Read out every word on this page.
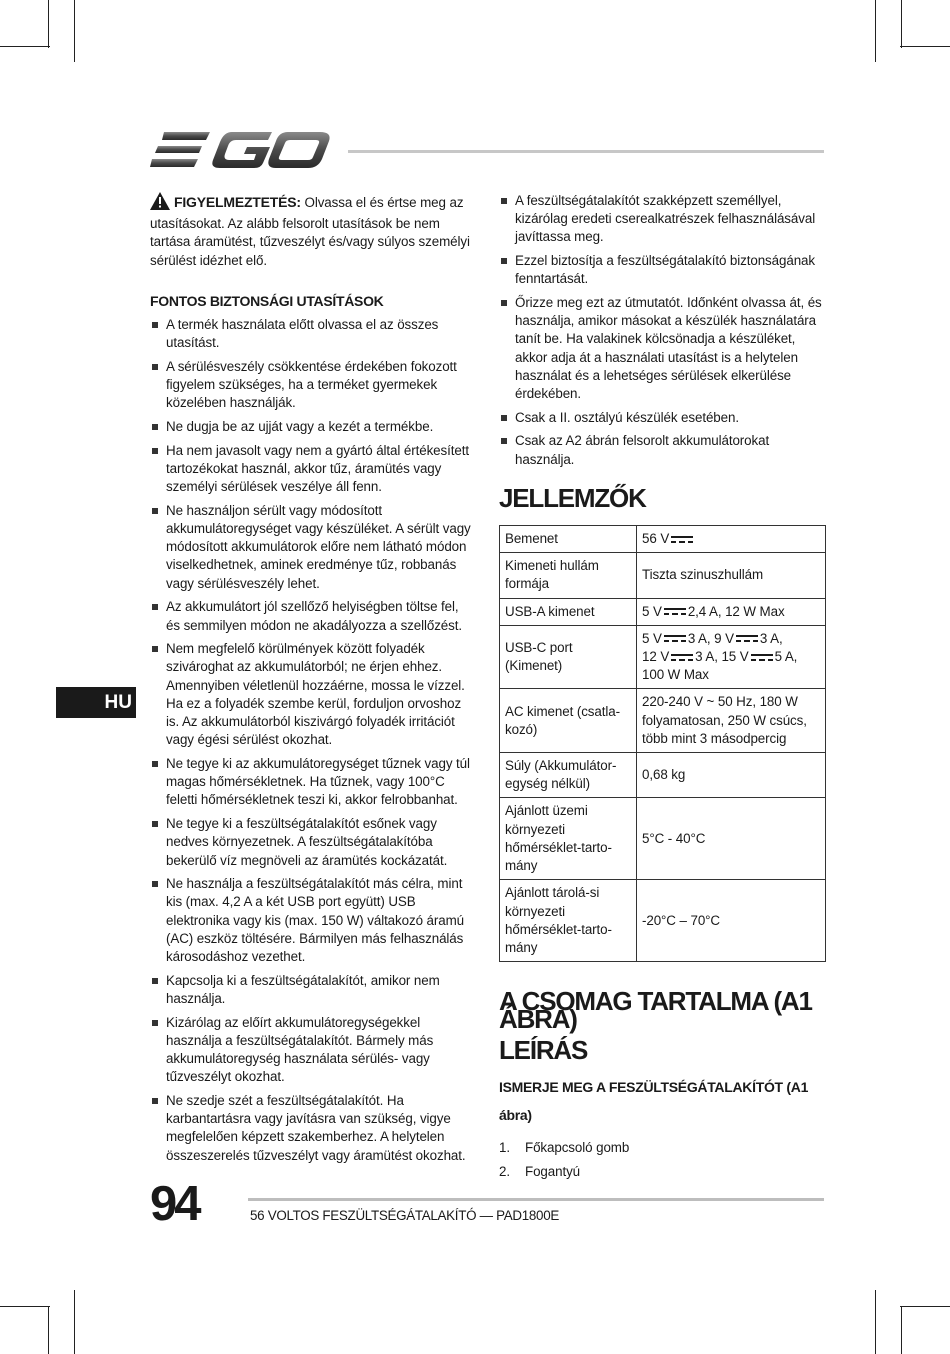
FIGYELMEZTETÉS: Olvassa el és értse meg az utasításokat. Az alább felsorolt utasítások be nem tartása áramütést, tűzveszélyt és/vagy súlyos személyi sérülést idézhet elő.
FONTOS BIZTONSÁGI UTASÍTÁSOK
A termék használata előtt olvassa el az összes utasítást.
A sérülésveszély csökkentése érdekében fokozott figyelem szükséges, ha a terméket gyermekek közelében használják.
Ne dugja be az ujját vagy a kezét a termékbe.
Ha nem javasolt vagy nem a gyártó által értékesített tartozékokat használ, akkor tűz, áramütés vagy személyi sérülések veszélye áll fenn.
Ne használjon sérült vagy módosított akkumulátoregységet vagy készüléket. A sérült vagy módosított akkumulátorok előre nem látható módon viselkedhetnek, aminek eredménye tűz, robbanás vagy sérülésveszély lehet.
Az akkumulátort jól szellőző helyiségben töltse fel, és semmilyen módon ne akadályozza a szellőzést.
Nem megfelelő körülmények között folyadék szivároghat az akkumulátorból; ne érjen ehhez. Amennyiben véletlenül hozzáérne, mossa le vízzel. Ha ez a folyadék szembe kerül, forduljon orvoshoz is. Az akkumulátorból kiszivárgó folyadék irritációt vagy égési sérülést okozhat.
Ne tegye ki az akkumulátoregységet tűznek vagy túl magas hőmérsékletnek. Ha tűznek, vagy 100°C feletti hőmérsékletnek teszi ki, akkor felrobbanhat.
Ne tegye ki a feszültségátalakítót esőnek vagy nedves környezetnek. A feszültségátalakítóba bekerülő víz megnöveli az áramütés kockázatát.
Ne használja a feszültségátalakítót más célra, mint kis (max. 4,2 A a két USB port együtt) USB elektronika vagy kis (max. 150 W) váltakozó áramú (AC) eszköz töltésére. Bármilyen más felhasználás károsodáshoz vezethet.
Kapcsolja ki a feszültségátalakítót, amikor nem használja.
Kizárólag az előírt akkumulátoregységekkel használja a feszültségátalakítót. Bármely más akkumulátoregység használata sérülés- vagy tűzveszélyt okozhat.
Ne szedje szét a feszültségátalakítót. Ha karbantartásra vagy javításra van szükség, vigye megfelelően képzett szakemberhez. A helytelen összeszerelés tűzveszélyt vagy áramütést okozhat.
A feszültségátalakítót szakképzett személlyel, kizárólag eredeti cserealkatrészek felhasználásával javíttassa meg.
Ezzel biztosítja a feszültségátalakító biztonságának fenntartását.
Őrizze meg ezt az útmutatót. Időnként olvassa át, és használja, amikor másokat a készülék használatára tanít be. Ha valakinek kölcsönadja a készüléket, akkor adja át a használati utasítást is a helytelen használat és a lehetséges sérülések elkerülése érdekében.
Csak a II. osztályú készülék esetében.
Csak az A2 ábrán felsorolt akkumulátorokat használja.
JELLEMZŐK
Bemenet	56 V
Kimeneti hullám formája	Tiszta szinuszhullám
USB-A kimenet	5 V 2,4 A, 12 W Max
USB-C port (Kimenet)	5 V 3 A, 9 V 3 A,
12 V 3 A, 15 V 5 A,
100 W Max
AC kimenet (csatla-kozó)	220-240 V ~ 50 Hz, 180 W folyamatosan, 250 W csúcs, több mint 3 másodpercig
Súly (Akkumulátor-egység nélkül)	0,68 kg
Ajánlott üzemi környezeti hőmérséklet-tarto-mány	5°C - 40°C
Ajánlott tárolá-si környezeti hőmérséklet-tarto-mány	-20°C – 70°C
A CSOMAG TARTALMA (A1 ÁBRA)
LEÍRÁS
ISMERJE MEG A FESZÜLTSÉGÁTALAKÍTÓT (A1 ábra)
1. Főkapcsoló gomb
2. Fogantyú
HU
94	56 VOLTOS FESZÜLTSÉGÁTALAKÍTÓ — PAD1800E
